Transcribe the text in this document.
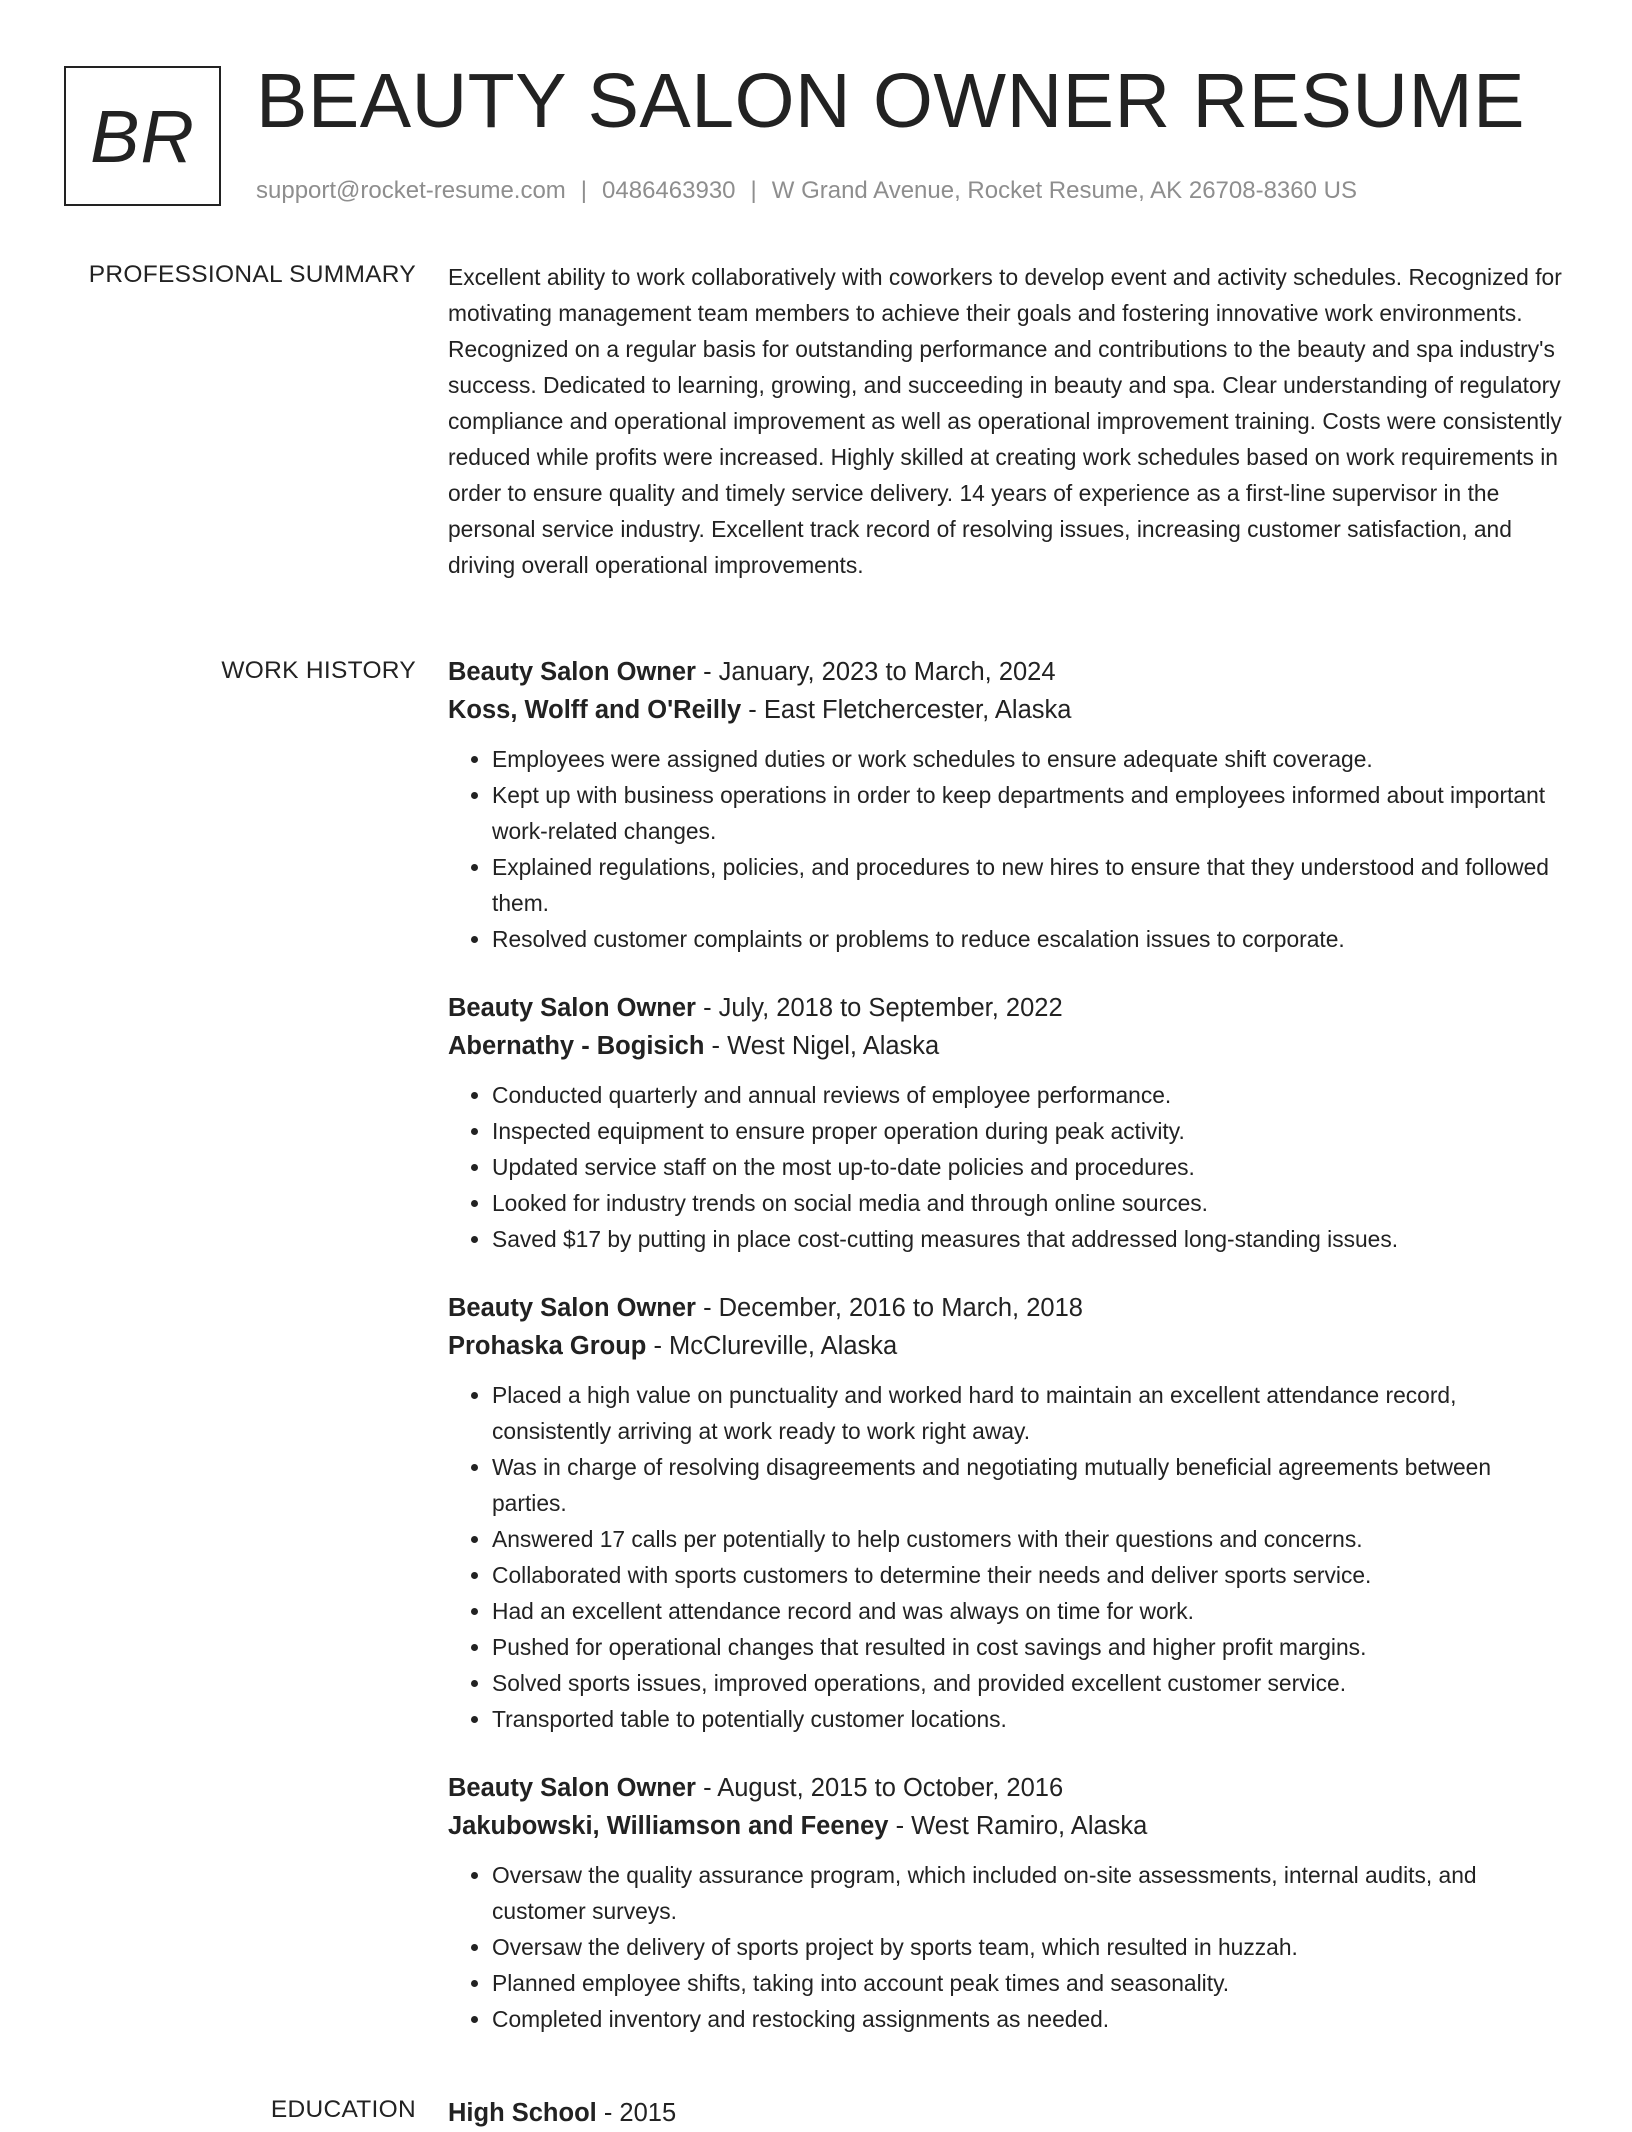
BR BEAUTY SALON OWNER RESUME
support@rocket-resume.com | 0486463930 | W Grand Avenue, Rocket Resume, AK 26708-8360 US
PROFESSIONAL SUMMARY Excellent ability to work collaboratively with coworkers to develop event and activity schedules. Recognized for motivating management team members to achieve their goals and fostering innovative work environments. Recognized on a regular basis for outstanding performance and contributions to the beauty and spa industry's success. Dedicated to learning, growing, and succeeding in beauty and spa. Clear understanding of regulatory compliance and operational improvement as well as operational improvement training. Costs were consistently reduced while profits were increased. Highly skilled at creating work schedules based on work requirements in order to ensure quality and timely service delivery. 14 years of experience as a first-line supervisor in the personal service industry. Excellent track record of resolving issues, increasing customer satisfaction, and driving overall operational improvements.

WORK HISTORY Beauty Salon Owner - January, 2023 to March, 2024
Koss, Wolff and O'Reilly - East Fletchercester, Alaska
• Employees were assigned duties or work schedules to ensure adequate shift coverage.
• Kept up with business operations in order to keep departments and employees informed about important work-related changes.
• Explained regulations, policies, and procedures to new hires to ensure that they understood and followed them.
• Resolved customer complaints or problems to reduce escalation issues to corporate.
Beauty Salon Owner - July, 2018 to September, 2022
Abernathy - Bogisich - West Nigel, Alaska
• Conducted quarterly and annual reviews of employee performance.
• Inspected equipment to ensure proper operation during peak activity.
• Updated service staff on the most up-to-date policies and procedures.
• Looked for industry trends on social media and through online sources.
• Saved $17 by putting in place cost-cutting measures that addressed long-standing issues.
Beauty Salon Owner - December, 2016 to March, 2018
Prohaska Group - McClureville, Alaska
• Placed a high value on punctuality and worked hard to maintain an excellent attendance record, consistently arriving at work ready to work right away.
• Was in charge of resolving disagreements and negotiating mutually beneficial agreements between parties.
• Answered 17 calls per potentially to help customers with their questions and concerns.
• Collaborated with sports customers to determine their needs and deliver sports service.
• Had an excellent attendance record and was always on time for work.
• Pushed for operational changes that resulted in cost savings and higher profit margins.
• Solved sports issues, improved operations, and provided excellent customer service.
• Transported table to potentially customer locations.
Beauty Salon Owner - August, 2015 to October, 2016
Jakubowski, Williamson and Feeney - West Ramiro, Alaska
• Oversaw the quality assurance program, which included on-site assessments, internal audits, and customer surveys.
• Oversaw the delivery of sports project by sports team, which resulted in huzzah.
• Planned employee shifts, taking into account peak times and seasonality.
• Completed inventory and restocking assignments as needed.
EDUCATION High School - 2015
